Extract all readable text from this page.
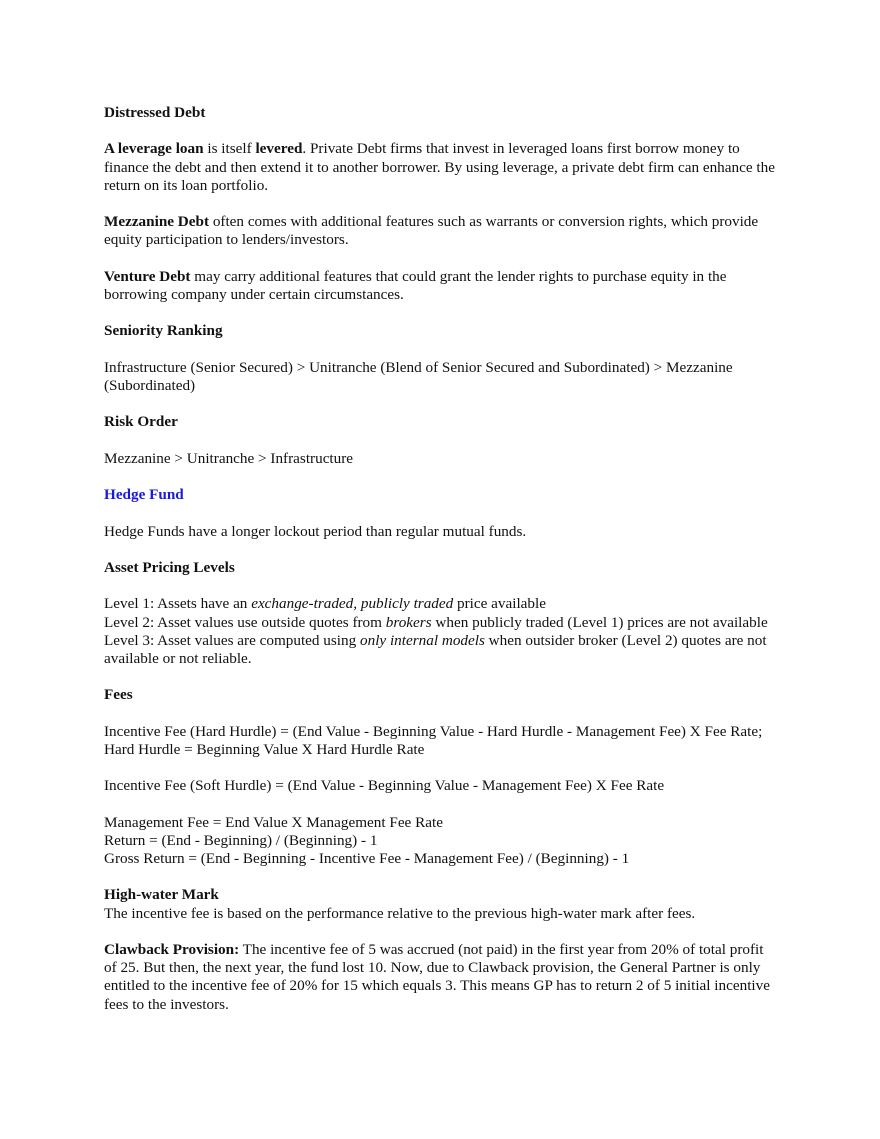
Distressed Debt

A leverage loan is itself levered. Private Debt firms that invest in leveraged loans first borrow money to finance the debt and then extend it to another borrower. By using leverage, a private debt firm can enhance the return on its loan portfolio.

Mezzanine Debt often comes with additional features such as warrants or conversion rights, which provide equity participation to lenders/investors.

Venture Debt may carry additional features that could grant the lender rights to purchase equity in the borrowing company under certain circumstances.

Seniority Ranking

Infrastructure (Senior Secured) > Unitranche (Blend of Senior Secured and Subordinated) > Mezzanine (Subordinated)

Risk Order

Mezzanine > Unitranche > Infrastructure

Hedge Fund

Hedge Funds have a longer lockout period than regular mutual funds.

Asset Pricing Levels

Level 1: Assets have an exchange-traded, publicly traded price available

Level 2: Asset values use outside quotes from brokers when publicly traded (Level 1) prices are not available

Level 3: Asset values are computed using only internal models when outsider broker (Level 2) quotes are not available or not reliable.

Fees

Incentive Fee (Hard Hurdle) = (End Value - Beginning Value - Hard Hurdle - Management Fee) X Fee Rate; Hard Hurdle = Beginning Value X Hard Hurdle Rate

Incentive Fee (Soft Hurdle) = (End Value - Beginning Value - Management Fee) X Fee Rate

Management Fee = End Value X Management Fee Rate

Return = (End - Beginning) / (Beginning) - 1

Gross Return = (End - Beginning - Incentive Fee - Management Fee) / (Beginning) - 1

High-water Mark

The incentive fee is based on the performance relative to the previous high-water mark after fees.

Clawback Provision: The incentive fee of 5 was accrued (not paid) in the first year from 20% of total profit of 25. But then, the next year, the fund lost 10. Now, due to Clawback provision, the General Partner is only entitled to the incentive fee of 20% for 15 which equals 3. This means GP has to return 2 of 5 initial incentive fees to the investors.
